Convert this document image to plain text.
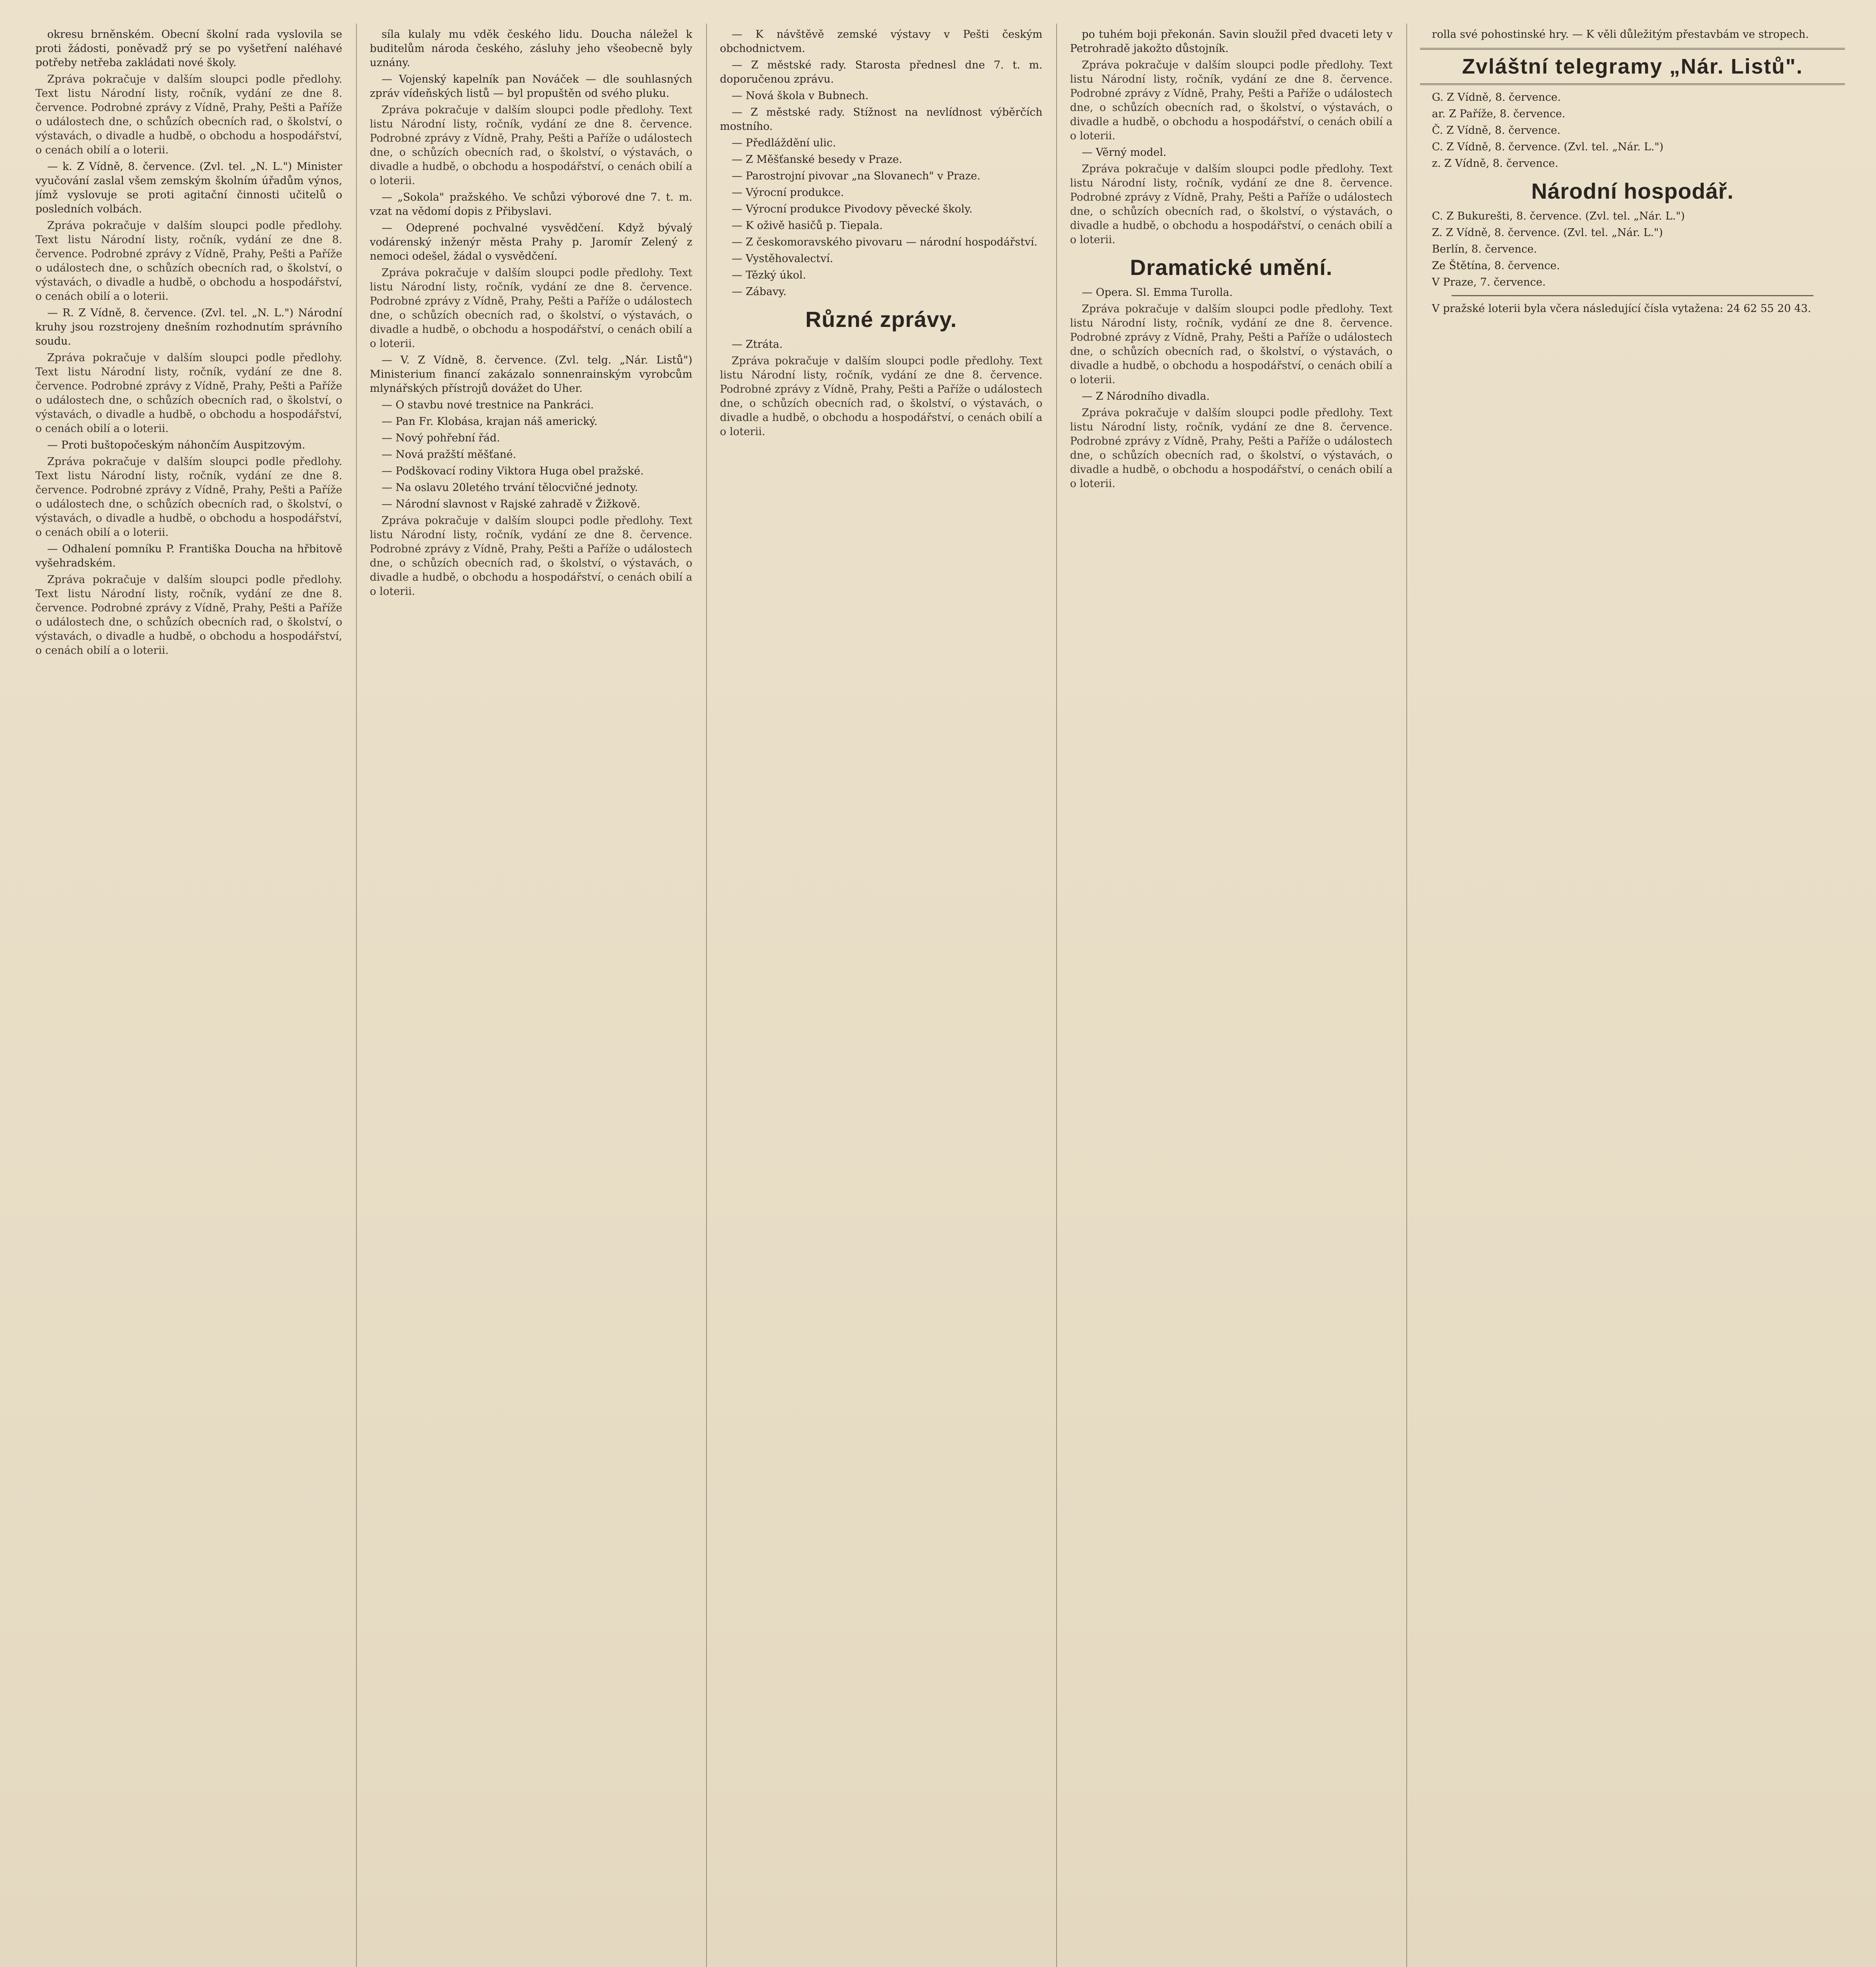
okresu brněnském. Obecní školní rada vyslovila se proti žádosti, poněvadž prý se po vyšetření naléhavé potřeby netřeba zakládati nové školy.

Zpráva pokračuje v dalším sloupci podle předlohy. Text listu Národní listy, ročník, vydání ze dne 8. července. Podrobné zprávy z Vídně, Prahy, Pešti a Paříže o událostech dne, o schůzích obecních rad, o školství, o výstavách, o divadle a hudbě, o obchodu a hospodářství, o cenách obilí a o loterii.

— k. Z Vídně, 8. července. (Zvl. tel. „N. L.") Minister vyučování zaslal všem zemským školním úřadům výnos, jímž vyslovuje se proti agitační činnosti učitelů o posledních volbách.

Zpráva pokračuje v dalším sloupci podle předlohy. Text listu Národní listy, ročník, vydání ze dne 8. července. Podrobné zprávy z Vídně, Prahy, Pešti a Paříže o událostech dne, o schůzích obecních rad, o školství, o výstavách, o divadle a hudbě, o obchodu a hospodářství, o cenách obilí a o loterii.

— R. Z Vídně, 8. července. (Zvl. tel. „N. L.") Národní kruhy jsou rozstrojeny dnešním rozhodnutím správního soudu.

Zpráva pokračuje v dalším sloupci podle předlohy. Text listu Národní listy, ročník, vydání ze dne 8. července. Podrobné zprávy z Vídně, Prahy, Pešti a Paříže o událostech dne, o schůzích obecních rad, o školství, o výstavách, o divadle a hudbě, o obchodu a hospodářství, o cenách obilí a o loterii.

— Proti buštopočeským náhončím Auspitzovým.

Zpráva pokračuje v dalším sloupci podle předlohy. Text listu Národní listy, ročník, vydání ze dne 8. července. Podrobné zprávy z Vídně, Prahy, Pešti a Paříže o událostech dne, o schůzích obecních rad, o školství, o výstavách, o divadle a hudbě, o obchodu a hospodářství, o cenách obilí a o loterii.

— Odhalení pomníku P. Františka Doucha na hřbitově vyšehradském.

Zpráva pokračuje v dalším sloupci podle předlohy. Text listu Národní listy, ročník, vydání ze dne 8. července. Podrobné zprávy z Vídně, Prahy, Pešti a Paříže o událostech dne, o schůzích obecních rad, o školství, o výstavách, o divadle a hudbě, o obchodu a hospodářství, o cenách obilí a o loterii.

síla kulaly mu vděk českého lidu. Doucha náležel k buditelům národa českého, zásluhy jeho všeobecně byly uznány.

— Vojenský kapelník pan Nováček — dle souhlasných zpráv vídeňských listů — byl propuštěn od svého pluku.

Zpráva pokračuje v dalším sloupci podle předlohy. Text listu Národní listy, ročník, vydání ze dne 8. července. Podrobné zprávy z Vídně, Prahy, Pešti a Paříže o událostech dne, o schůzích obecních rad, o školství, o výstavách, o divadle a hudbě, o obchodu a hospodářství, o cenách obilí a o loterii.

— „Sokola" pražského. Ve schůzi výborové dne 7. t. m. vzat na vědomí dopis z Přibyslavi.

— Odeprené pochvalné vysvědčení. Když bývalý vodárenský inženýr města Prahy p. Jaromír Zelený z nemoci odešel, žádal o vysvědčení.

Zpráva pokračuje v dalším sloupci podle předlohy. Text listu Národní listy, ročník, vydání ze dne 8. července. Podrobné zprávy z Vídně, Prahy, Pešti a Paříže o událostech dne, o schůzích obecních rad, o školství, o výstavách, o divadle a hudbě, o obchodu a hospodářství, o cenách obilí a o loterii.

— V. Z Vídně, 8. července. (Zvl. telg. „Nár. Listů") Ministerium financí zakázalo sonnenrainským vyrobcům mlynářských přístrojů dovážet do Uher.

— O stavbu nové trestnice na Pankráci.

— Pan Fr. Klobása, krajan náš americký.

— Nový pohřební řád.

— Nová pražští měšťané.

— Podškovací rodiny Viktora Huga obel pražské.

— Na oslavu 20letého trvání tělocvičné jednoty.

— Národní slavnost v Rajské zahradě v Žižkově.

Zpráva pokračuje v dalším sloupci podle předlohy. Text listu Národní listy, ročník, vydání ze dne 8. července. Podrobné zprávy z Vídně, Prahy, Pešti a Paříže o událostech dne, o schůzích obecních rad, o školství, o výstavách, o divadle a hudbě, o obchodu a hospodářství, o cenách obilí a o loterii.

— K návštěvě zemské výstavy v Pešti českým obchodnictvem.

— Z městské rady. Starosta přednesl dne 7. t. m. doporučenou zprávu.

— Nová škola v Bubnech.

— Z městské rady. Stížnost na nevlídnost výběrčích mostního.

— Předláždění ulic.

— Z Měšťanské besedy v Praze.

— Parostrojní pivovar „na Slovanech" v Praze.

— Výrocní produkce.

— Výrocní produkce Pivodovy pěvecké školy.

— K oživě hasičů p. Tiepala.

— Z českomoravského pivovaru — národní hospodářství.

— Vystěhovalectví.

— Tězký úkol.

— Zábavy.

Různé zprávy.

— Ztráta.

Zpráva pokračuje v dalším sloupci podle předlohy. Text listu Národní listy, ročník, vydání ze dne 8. července. Podrobné zprávy z Vídně, Prahy, Pešti a Paříže o událostech dne, o schůzích obecních rad, o školství, o výstavách, o divadle a hudbě, o obchodu a hospodářství, o cenách obilí a o loterii.

po tuhém boji překonán. Savin sloužil před dvaceti lety v Petrohradě jakožto důstojník.

Zpráva pokračuje v dalším sloupci podle předlohy. Text listu Národní listy, ročník, vydání ze dne 8. července. Podrobné zprávy z Vídně, Prahy, Pešti a Paříže o událostech dne, o schůzích obecních rad, o školství, o výstavách, o divadle a hudbě, o obchodu a hospodářství, o cenách obilí a o loterii.

— Věrný model.

Zpráva pokračuje v dalším sloupci podle předlohy. Text listu Národní listy, ročník, vydání ze dne 8. července. Podrobné zprávy z Vídně, Prahy, Pešti a Paříže o událostech dne, o schůzích obecních rad, o školství, o výstavách, o divadle a hudbě, o obchodu a hospodářství, o cenách obilí a o loterii.

Dramatické umění.

— Opera. Sl. Emma Turolla.

Zpráva pokračuje v dalším sloupci podle předlohy. Text listu Národní listy, ročník, vydání ze dne 8. července. Podrobné zprávy z Vídně, Prahy, Pešti a Paříže o událostech dne, o schůzích obecních rad, o školství, o výstavách, o divadle a hudbě, o obchodu a hospodářství, o cenách obilí a o loterii.

— Z Národního divadla.

Zpráva pokračuje v dalším sloupci podle předlohy. Text listu Národní listy, ročník, vydání ze dne 8. července. Podrobné zprávy z Vídně, Prahy, Pešti a Paříže o událostech dne, o schůzích obecních rad, o školství, o výstavách, o divadle a hudbě, o obchodu a hospodářství, o cenách obilí a o loterii.

rolla své pohostinské hry. — K věli důležitým přestavbám ve stropech.

Zvláštní telegramy „Nár. Listů".

G. Z Vídně, 8. července.

ar. Z Paříže, 8. července.

Č. Z Vídně, 8. července.

C. Z Vídně, 8. července. (Zvl. tel. „Nár. L.")

z. Z Vídně, 8. července.

Národní hospodář.

C. Z Bukurešti, 8. července. (Zvl. tel. „Nár. L.")

Z. Z Vídně, 8. července. (Zvl. tel. „Nár. L.")

Berlín, 8. července.

Ze Štětína, 8. července.

V Praze, 7. července.

V pražské loterii byla včera následující čísla vytažena: 24 62 55 20 43.
